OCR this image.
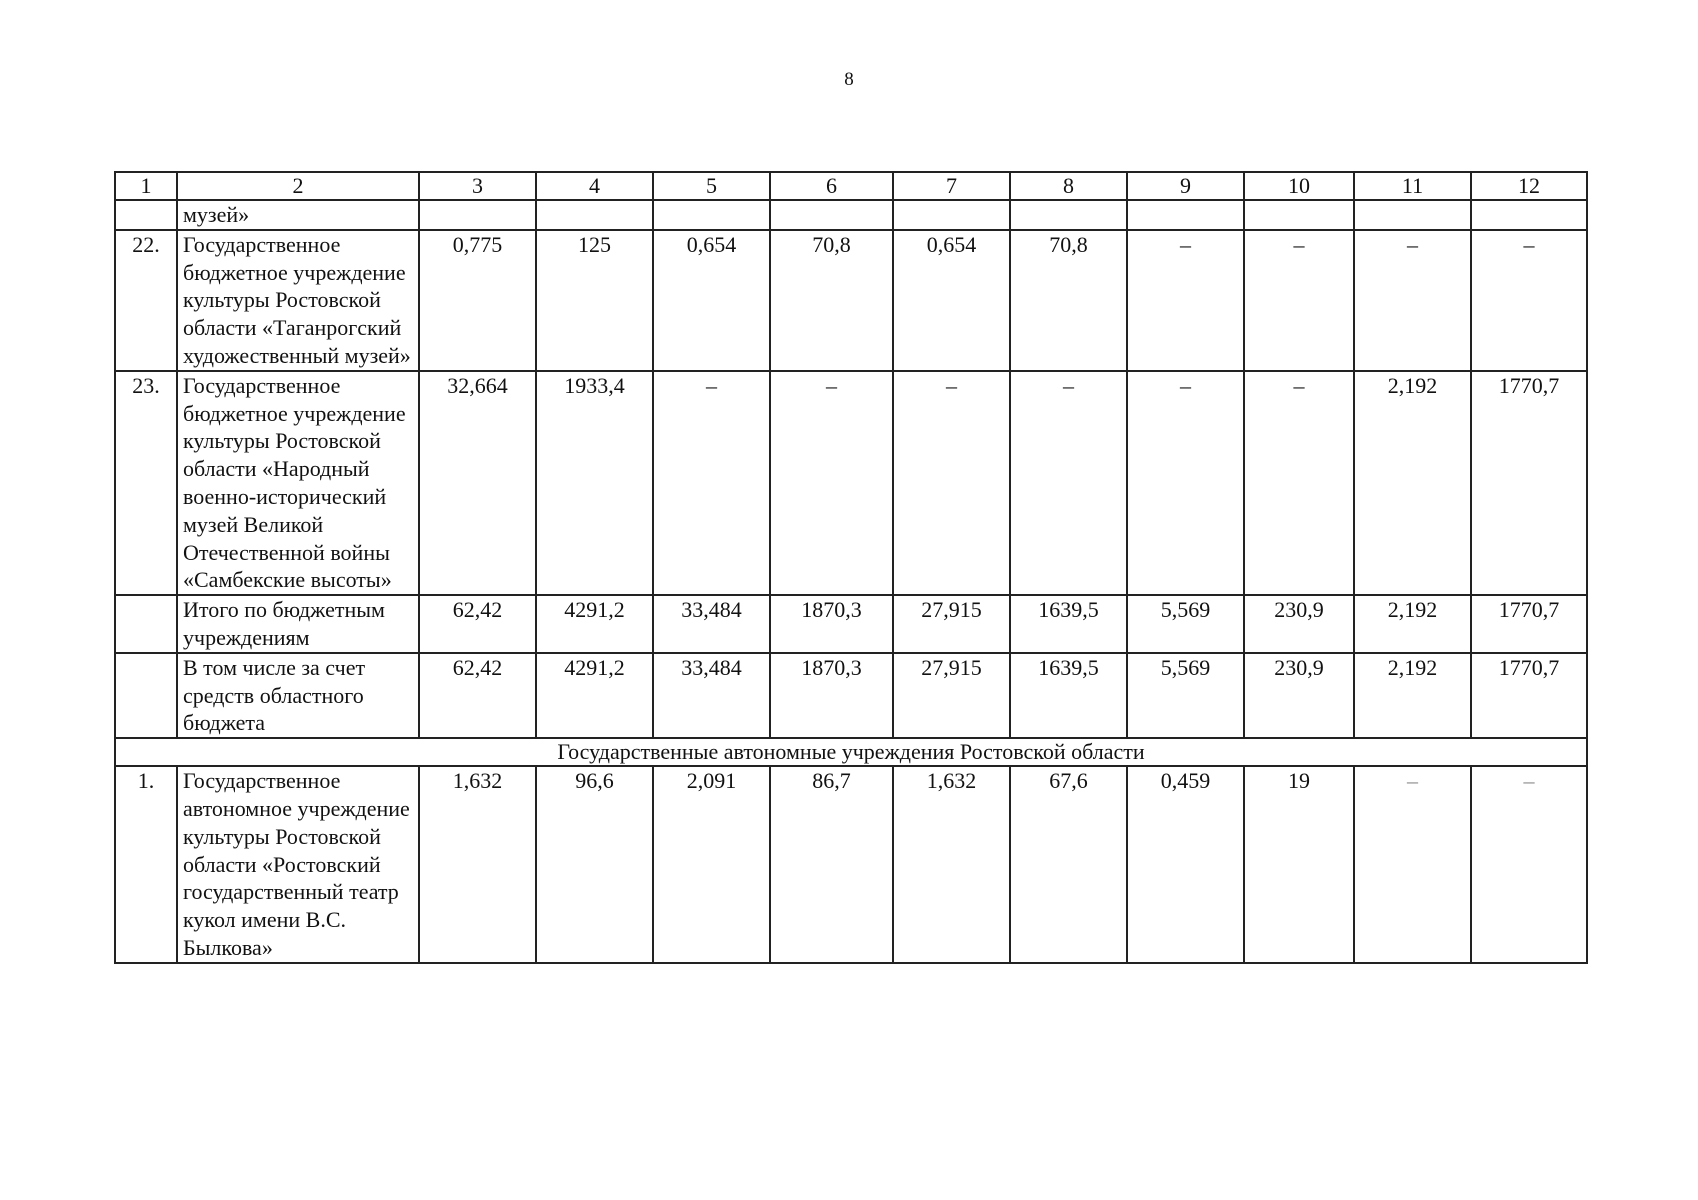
8
1	2	3	4	5	6	7	8	9	10	11	12
	музей»										
22.	Государственное бюджетное учреждение культуры Ростовской области «Таганрогский художественный музей»	0,775	125	0,654	70,8	0,654	70,8	–	–	–	–
23.	Государственное бюджетное учреждение культуры Ростовской области «Народный военно-исторический музей Великой Отечественной войны «Самбекские высоты»	32,664	1933,4	–	–	–	–	–	–	2,192	1770,7
	Итого по бюджетным учреждениям	62,42	4291,2	33,484	1870,3	27,915	1639,5	5,569	230,9	2,192	1770,7
	В том числе за счет средств областного бюджета	62,42	4291,2	33,484	1870,3	27,915	1639,5	5,569	230,9	2,192	1770,7
Государственные автономные учреждения Ростовской области											
1.	Государственное автономное учреждение культуры Ростовской области «Ростовский государственный театр кукол имени В.С. Былкова»	1,632	96,6	2,091	86,7	1,632	67,6	0,459	19	–	–
